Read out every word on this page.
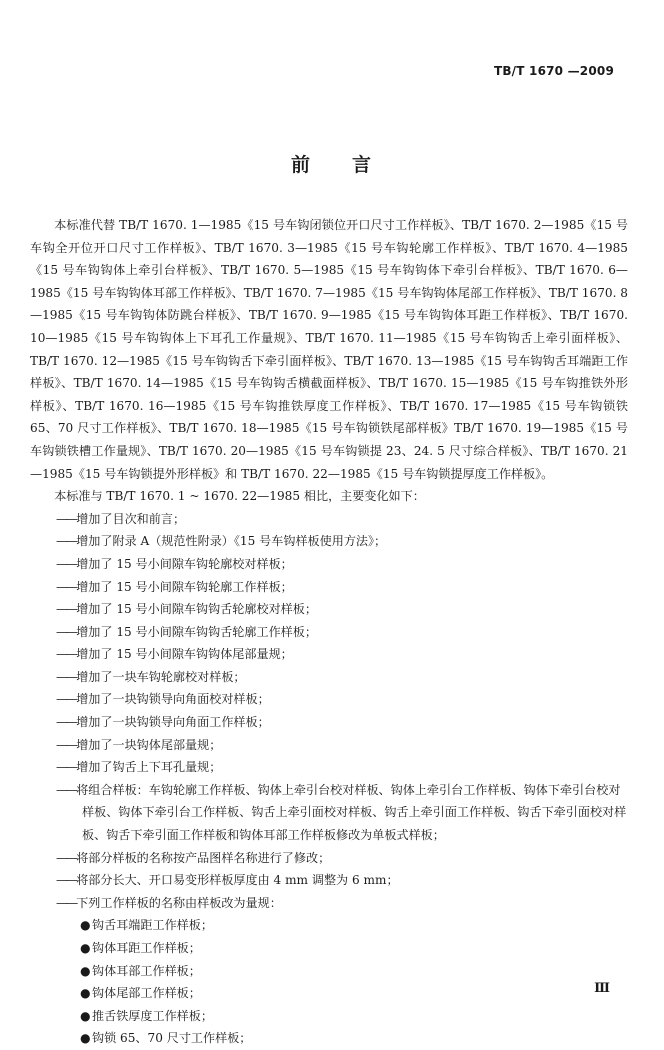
TB/T 1670 —2009
前 言

本标准代替 TB/T 1670. 1—1985《15 号车钩闭锁位开口尺寸工作样板》、TB/T 1670. 2—1985《15 号车钩全开位开口尺寸工作样板》、TB/T 1670. 3—1985《15 号车钩轮廓工作样板》、TB/T 1670. 4—1985《15 号车钩钩体上牵引台样板》、TB/T 1670. 5—1985《15 号车钩钩体下牵引台样板》、TB/T 1670. 6—1985《15 号车钩钩体耳部工作样板》、TB/T 1670. 7—1985《15 号车钩钩体尾部工作样板》、TB/T 1670. 8—1985《15 号车钩钩体防跳台样板》、TB/T 1670. 9—1985《15 号车钩钩体耳距工作样板》、TB/T 1670. 10—1985《15 号车钩钩体上下耳孔工作量规》、TB/T 1670. 11—1985《15 号车钩钩舌上牵引面样板》、TB/T 1670. 12—1985《15 号车钩钩舌下牵引面样板》、TB/T 1670. 13—1985《15 号车钩钩舌耳端距工作样板》、TB/T 1670. 14—1985《15 号车钩钩舌横截面样板》、TB/T 1670. 15—1985《15 号车钩推铁外形样板》、TB/T 1670. 16—1985《15 号车钩推铁厚度工作样板》、TB/T 1670. 17—1985《15 号车钩锁铁 65、70 尺寸工作样板》、TB/T 1670. 18—1985《15 号车钩锁铁尾部样板》TB/T 1670. 19—1985《15 号车钩锁铁槽工作量规》、TB/T 1670. 20—1985《15 号车钩锁提 23、24. 5 尺寸综合样板》、TB/T 1670. 21—1985《15 号车钩锁提外形样板》和 TB/T 1670. 22—1985《15 号车钩锁提厚度工作样板》。

本标准与 TB/T 1670. 1 ~ 1670. 22—1985 相比，主要变化如下：

——增加了目次和前言；

——增加了附录 A（规范性附录）《15 号车钩样板使用方法》；

——增加了 15 号小间隙车钩轮廓校对样板；

——增加了 15 号小间隙车钩轮廓工作样板；

——增加了 15 号小间隙车钩钩舌轮廓校对样板；

——增加了 15 号小间隙车钩钩舌轮廓工作样板；

——增加了 15 号小间隙车钩钩体尾部量规；

——增加了一块车钩轮廓校对样板；

——增加了一块钩锁导向角面校对样板；

——增加了一块钩锁导向角面工作样板；

——增加了一块钩体尾部量规；

——增加了钩舌上下耳孔量规；

——将组合样板：车钩轮廓工作样板、钩体上牵引台校对样板、钩体上牵引台工作样板、钩体下牵引台校对样板、钩体下牵引台工作样板、钩舌上牵引面校对样板、钩舌上牵引面工作样板、钩舌下牵引面校对样板、钩舌下牵引面工作样板和钩体耳部工作样板修改为单板式样板；

——将部分样板的名称按产品图样名称进行了修改；

——将部分长大、开口易变形样板厚度由 4 mm 调整为 6 mm；

——下列工作样板的名称由样板改为量规：

●钩舌耳端距工作样板；

●钩体耳距工作样板；

●钩体耳部工作样板；

●钩体尾部工作样板；

●推舌铁厚度工作样板；

●钩锁 65、70 尺寸工作样板；

Ⅲ
